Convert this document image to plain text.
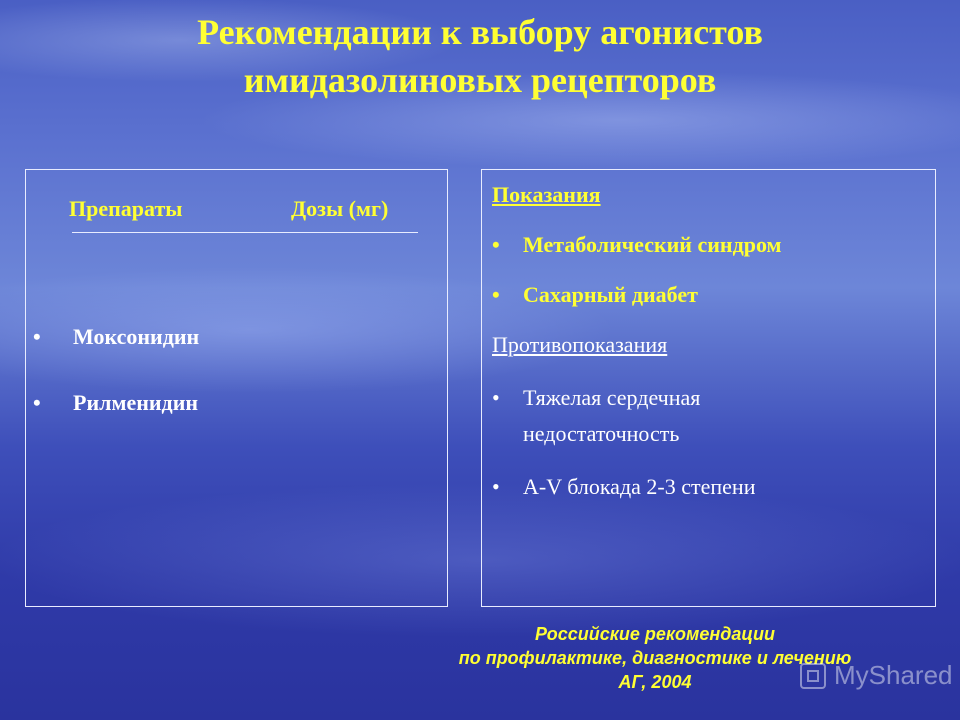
Рекомендации к выбору агонистов
имидазолиновых рецепторов
Препараты	Дозы (мг)
•	Моксонидин
•	Рилменидин
Показания
•	Метаболический синдром
•	Сахарный диабет
Противопоказания
•	Тяжелая сердечная недостаточность
•	A-V блокада 2-3 степени
Российские рекомендации
по профилактике, диагностике и лечению
АГ, 2004	MyShared
